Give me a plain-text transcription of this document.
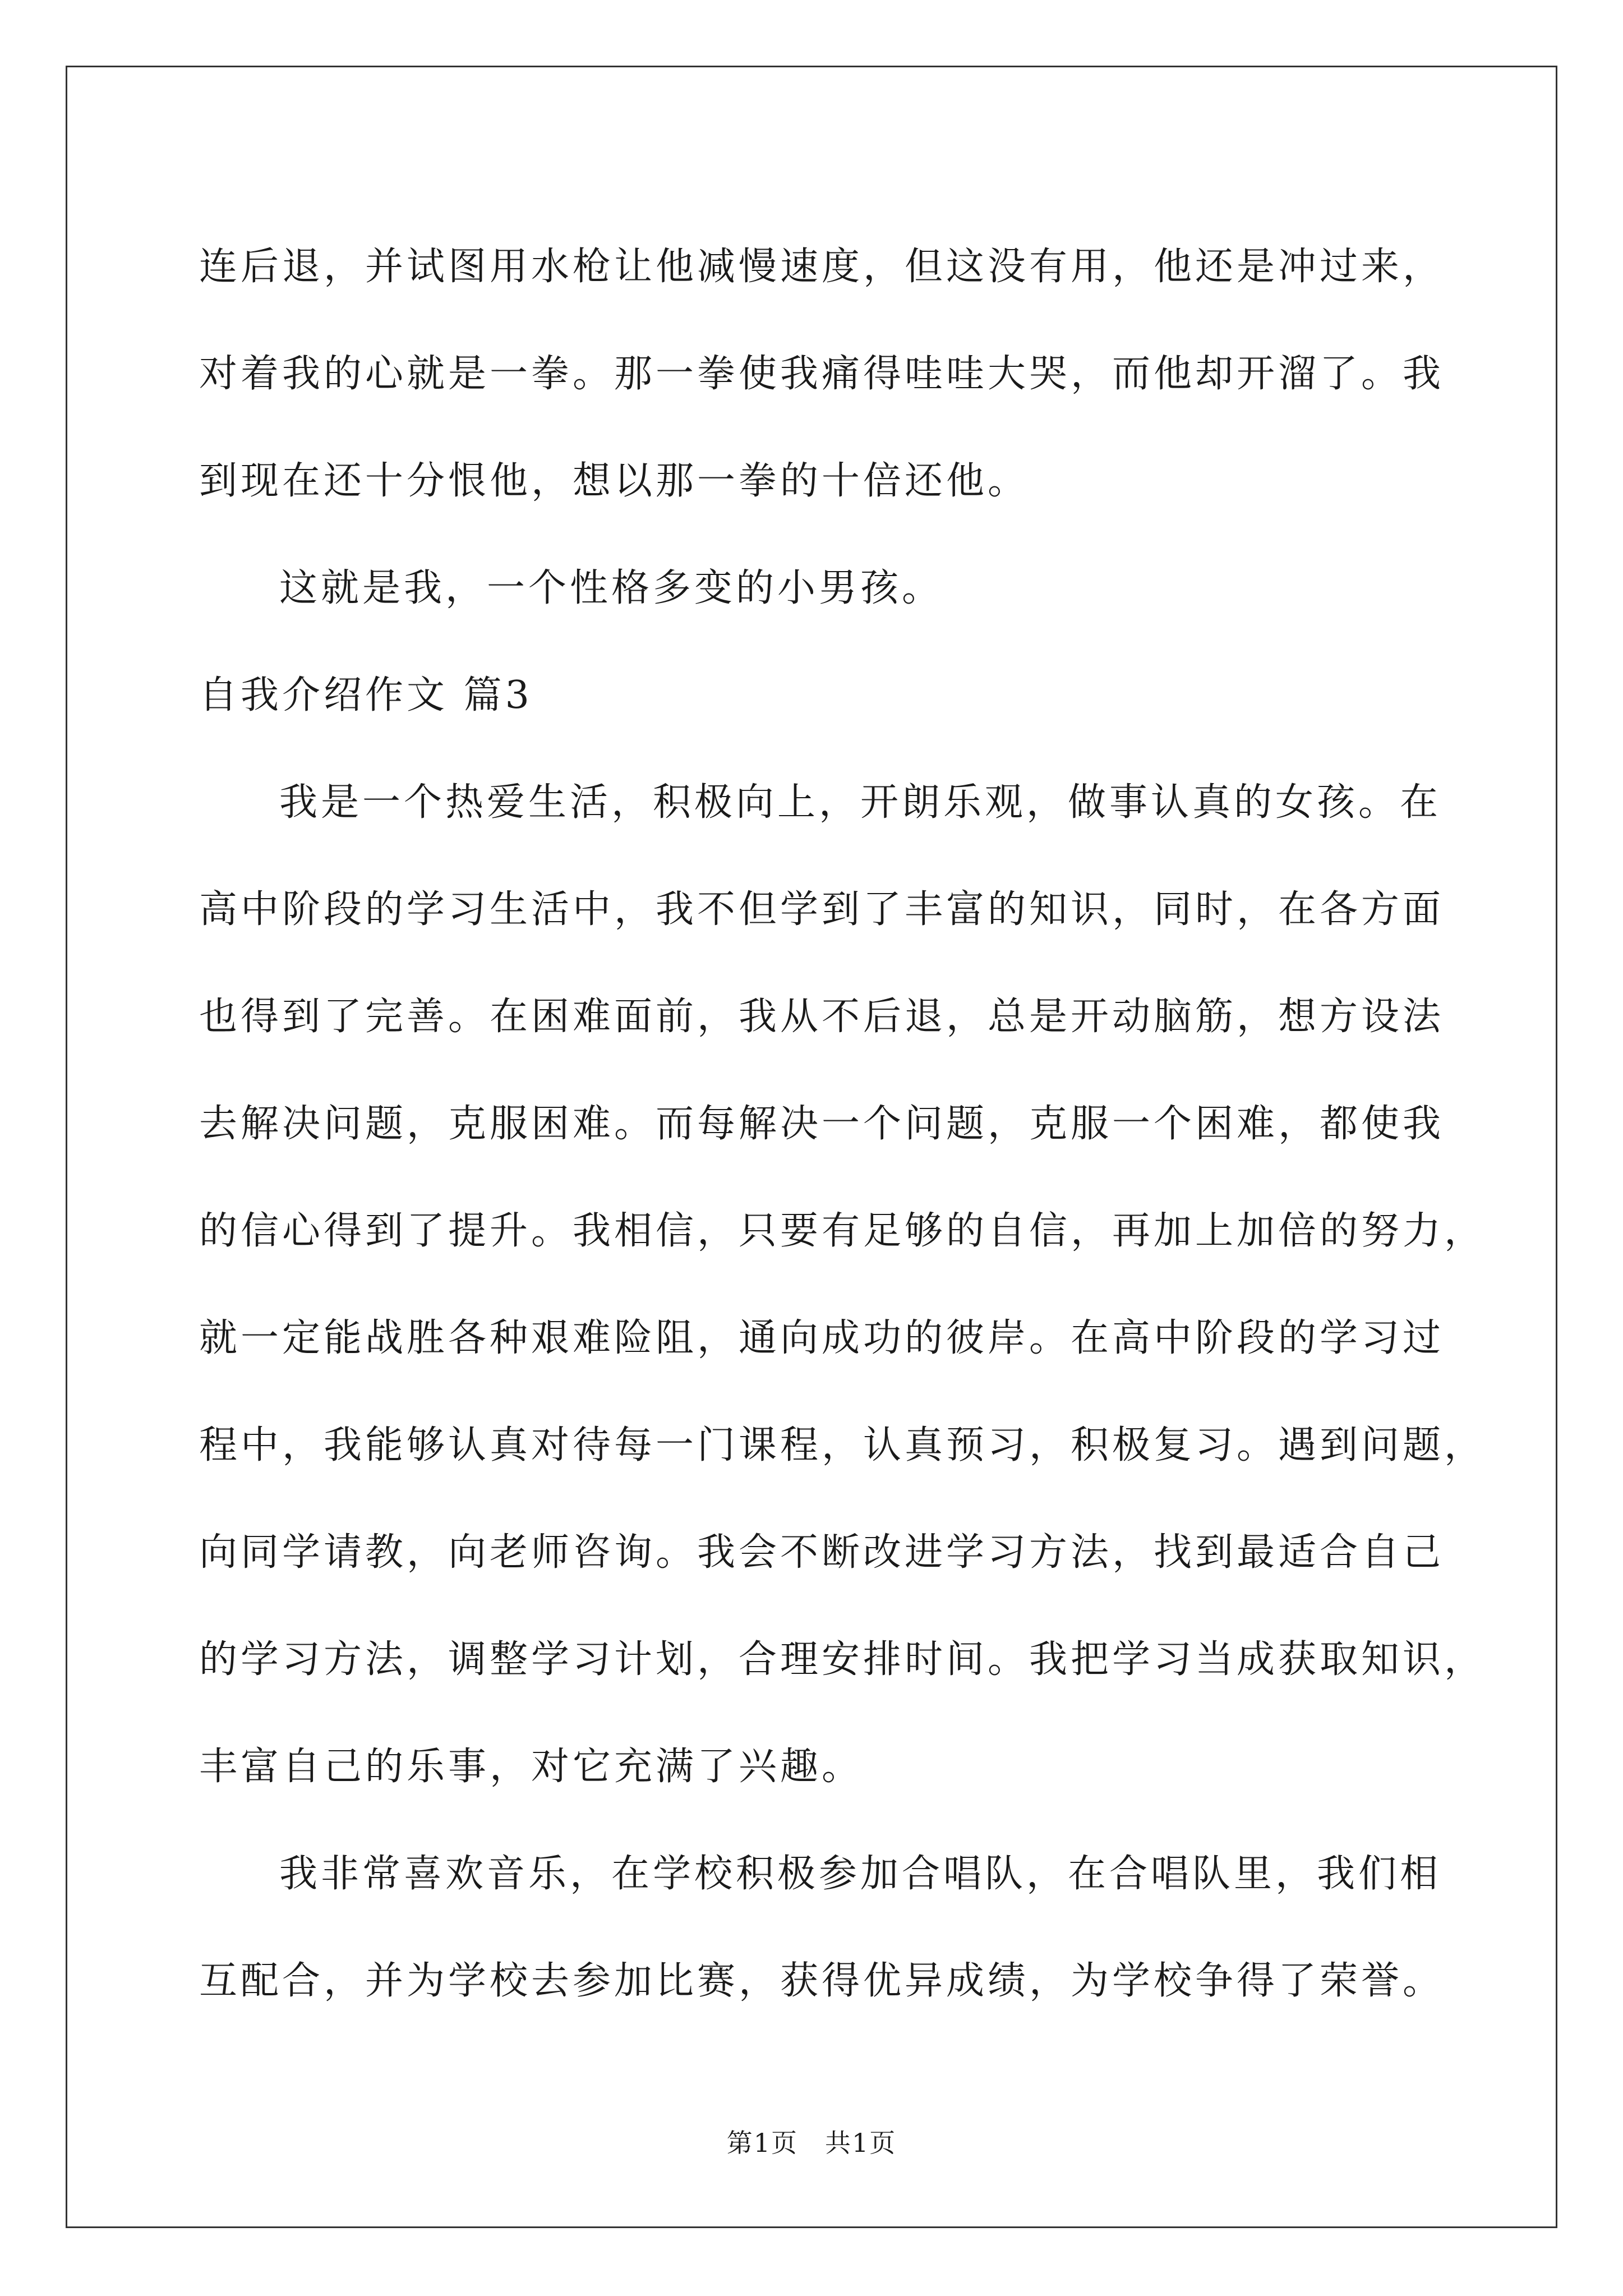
连后退，并试图用水枪让他减慢速度，但这没有用，他还是冲过来，
对着我的心就是一拳。那一拳使我痛得哇哇大哭，而他却开溜了。我
到现在还十分恨他，想以那一拳的十倍还他。
这就是我，一个性格多变的小男孩。
自我介绍作文 篇3
我是一个热爱生活，积极向上，开朗乐观，做事认真的女孩。在
高中阶段的学习生活中，我不但学到了丰富的知识，同时，在各方面
也得到了完善。在困难面前，我从不后退，总是开动脑筋，想方设法
去解决问题，克服困难。而每解决一个问题，克服一个困难，都使我
的信心得到了提升。我相信，只要有足够的自信，再加上加倍的努力，
就一定能战胜各种艰难险阻，通向成功的彼岸。在高中阶段的学习过
程中，我能够认真对待每一门课程，认真预习，积极复习。遇到问题，
向同学请教，向老师咨询。我会不断改进学习方法，找到最适合自己
的学习方法，调整学习计划，合理安排时间。我把学习当成获取知识，
丰富自己的乐事，对它充满了兴趣。
我非常喜欢音乐，在学校积极参加合唱队，在合唱队里，我们相
互配合，并为学校去参加比赛，获得优异成绩，为学校争得了荣誉。
第1页 共1页
